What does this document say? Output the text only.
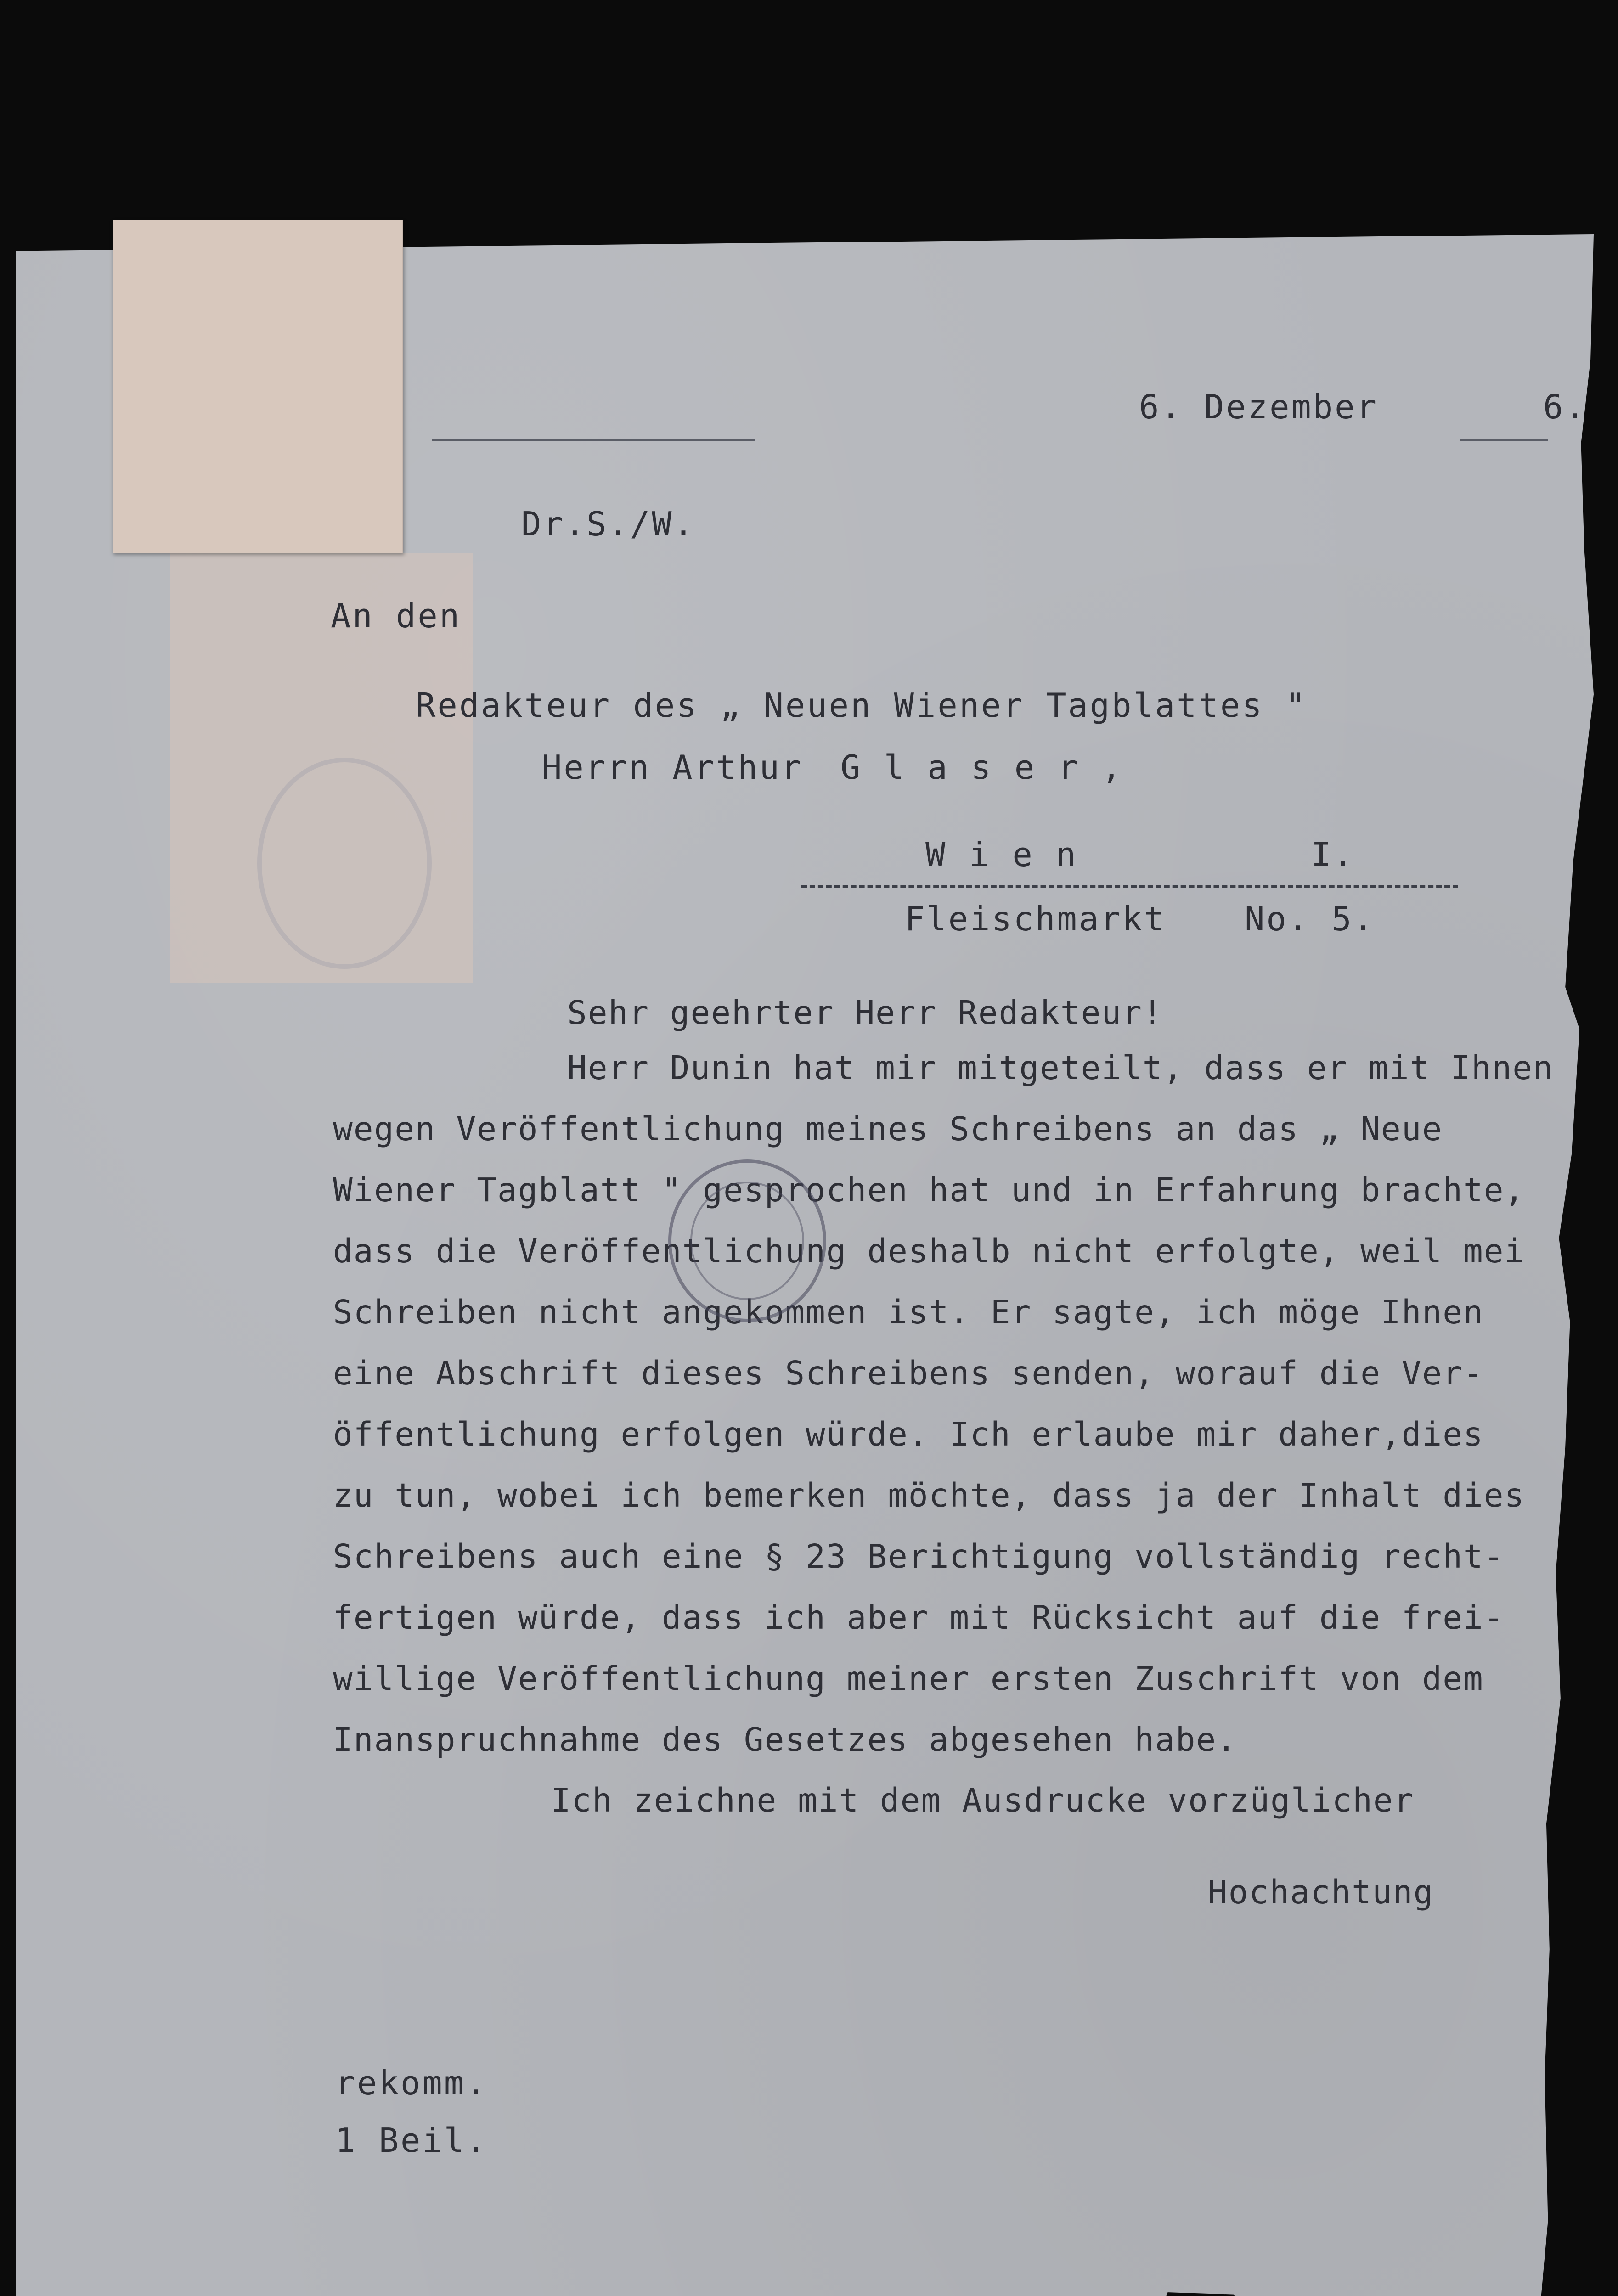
6. Dezember	6.

Dr.S./W.

An den

Redakteur des „ Neuen Wiener Tagblattes "

Herrn Arthur G l a s e r ,

W i e n	I.

Fleischmarkt No. 5.

Sehr geehrter Herr Redakteur!

Herr Dunin hat mir mitgeteilt, dass er mit Ihnen

wegen Veröffentlichung meines Schreibens an das „ Neue

Wiener Tagblatt " gesprochen hat und in Erfahrung brachte,

dass die Veröffentlichung deshalb nicht erfolgte, weil mei

Schreiben nicht angekommen ist. Er sagte, ich möge Ihnen

eine Abschrift dieses Schreibens senden, worauf die Ver-

öffentlichung erfolgen würde. Ich erlaube mir daher,dies

zu tun, wobei ich bemerken möchte, dass ja der Inhalt dies

Schreibens auch eine § 23 Berichtigung vollständig recht-

fertigen würde, dass ich aber mit Rücksicht auf die frei-

willige Veröffentlichung meiner ersten Zuschrift von dem

Inanspruchnahme des Gesetzes abgesehen habe.

Ich zeichne mit dem Ausdrucke vorzüglicher

Hochachtung

rekomm.

1 Beil.
